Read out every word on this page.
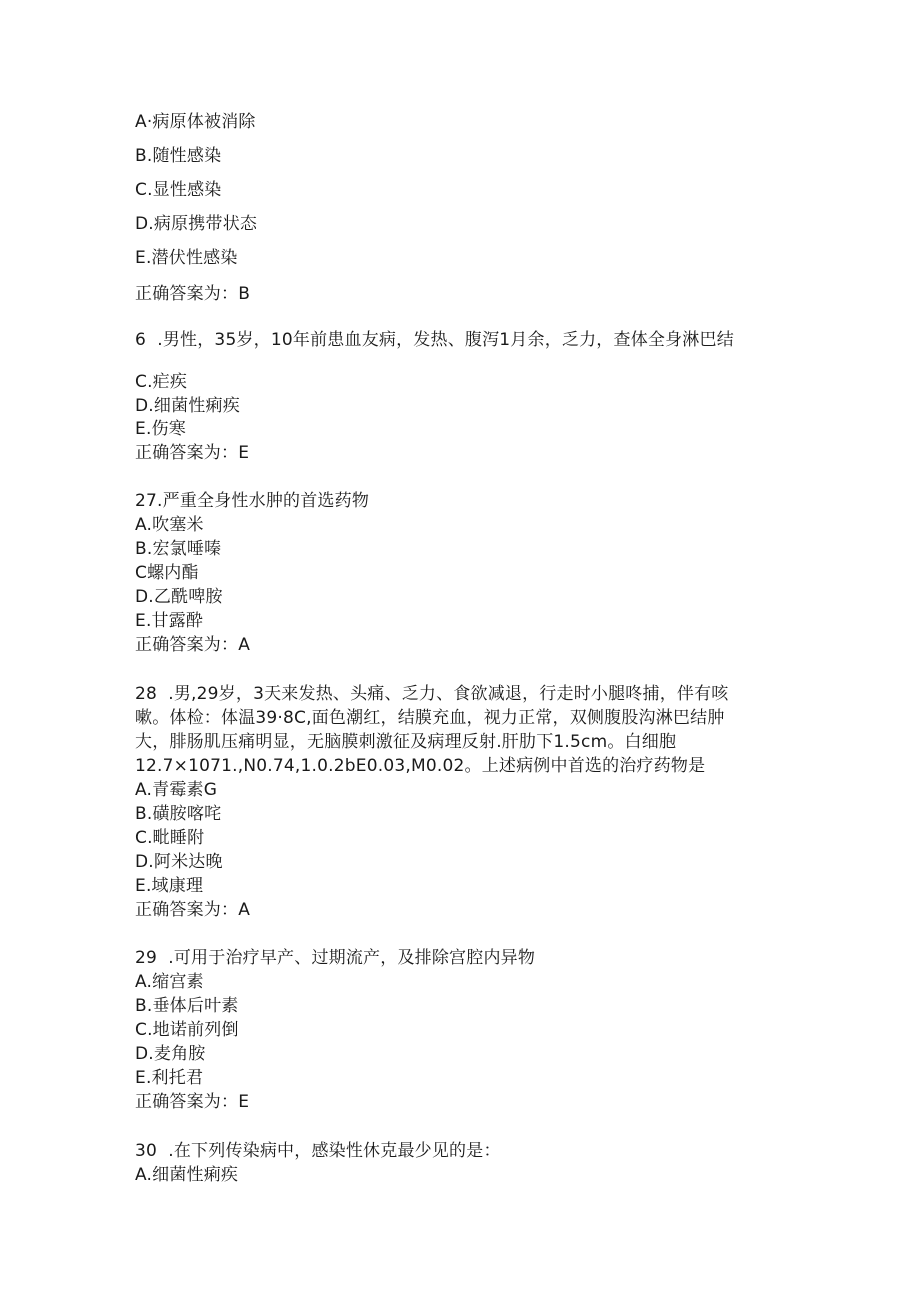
A·病原体被消除
B.随性感染
C.显性感染
D.病原携带状态
E.潜伏性感染
正确答案为：B
6  .男性，35岁，10年前患血友病，发热、腹泻1月余，乏力，查体全身淋巴结
C.疟疾
D.细菌性痢疾
E.伤寒
正确答案为：E
27.严重全身性水肿的首选药物
A.吹塞米
B.宏氯唾嗪
C螺内酯
D.乙酰啤胺
E.甘露酔
正确答案为：A
28  .男,29岁，3天来发热、头痛、乏力、食欲减退，行走时小腿咚捕，伴有咳
嗽。体检：体温39·8C,面色潮红，结膜充血，视力正常，双侧腹股沟淋巴结肿
大，腓肠肌压痛明显，无脑膜刺激征及病理反射.肝肋下1.5cm。白细胞
12.7×1071.,N0.74,1.0.2bE0.03,M0.02。上述病例中首选的治疗药物是
A.青霉素G
B.磺胺喀咤
C.毗睡附
D.阿米达晚
E.域康理
正确答案为：A
29  .可用于治疗早产、过期流产，及排除宫腔内异物
A.缩宫素
B.垂体后叶素
C.地诺前列倒
D.麦角胺
E.利托君
正确答案为：E
30  .在下列传染病中，感染性休克最少见的是：
A.细菌性痢疾
